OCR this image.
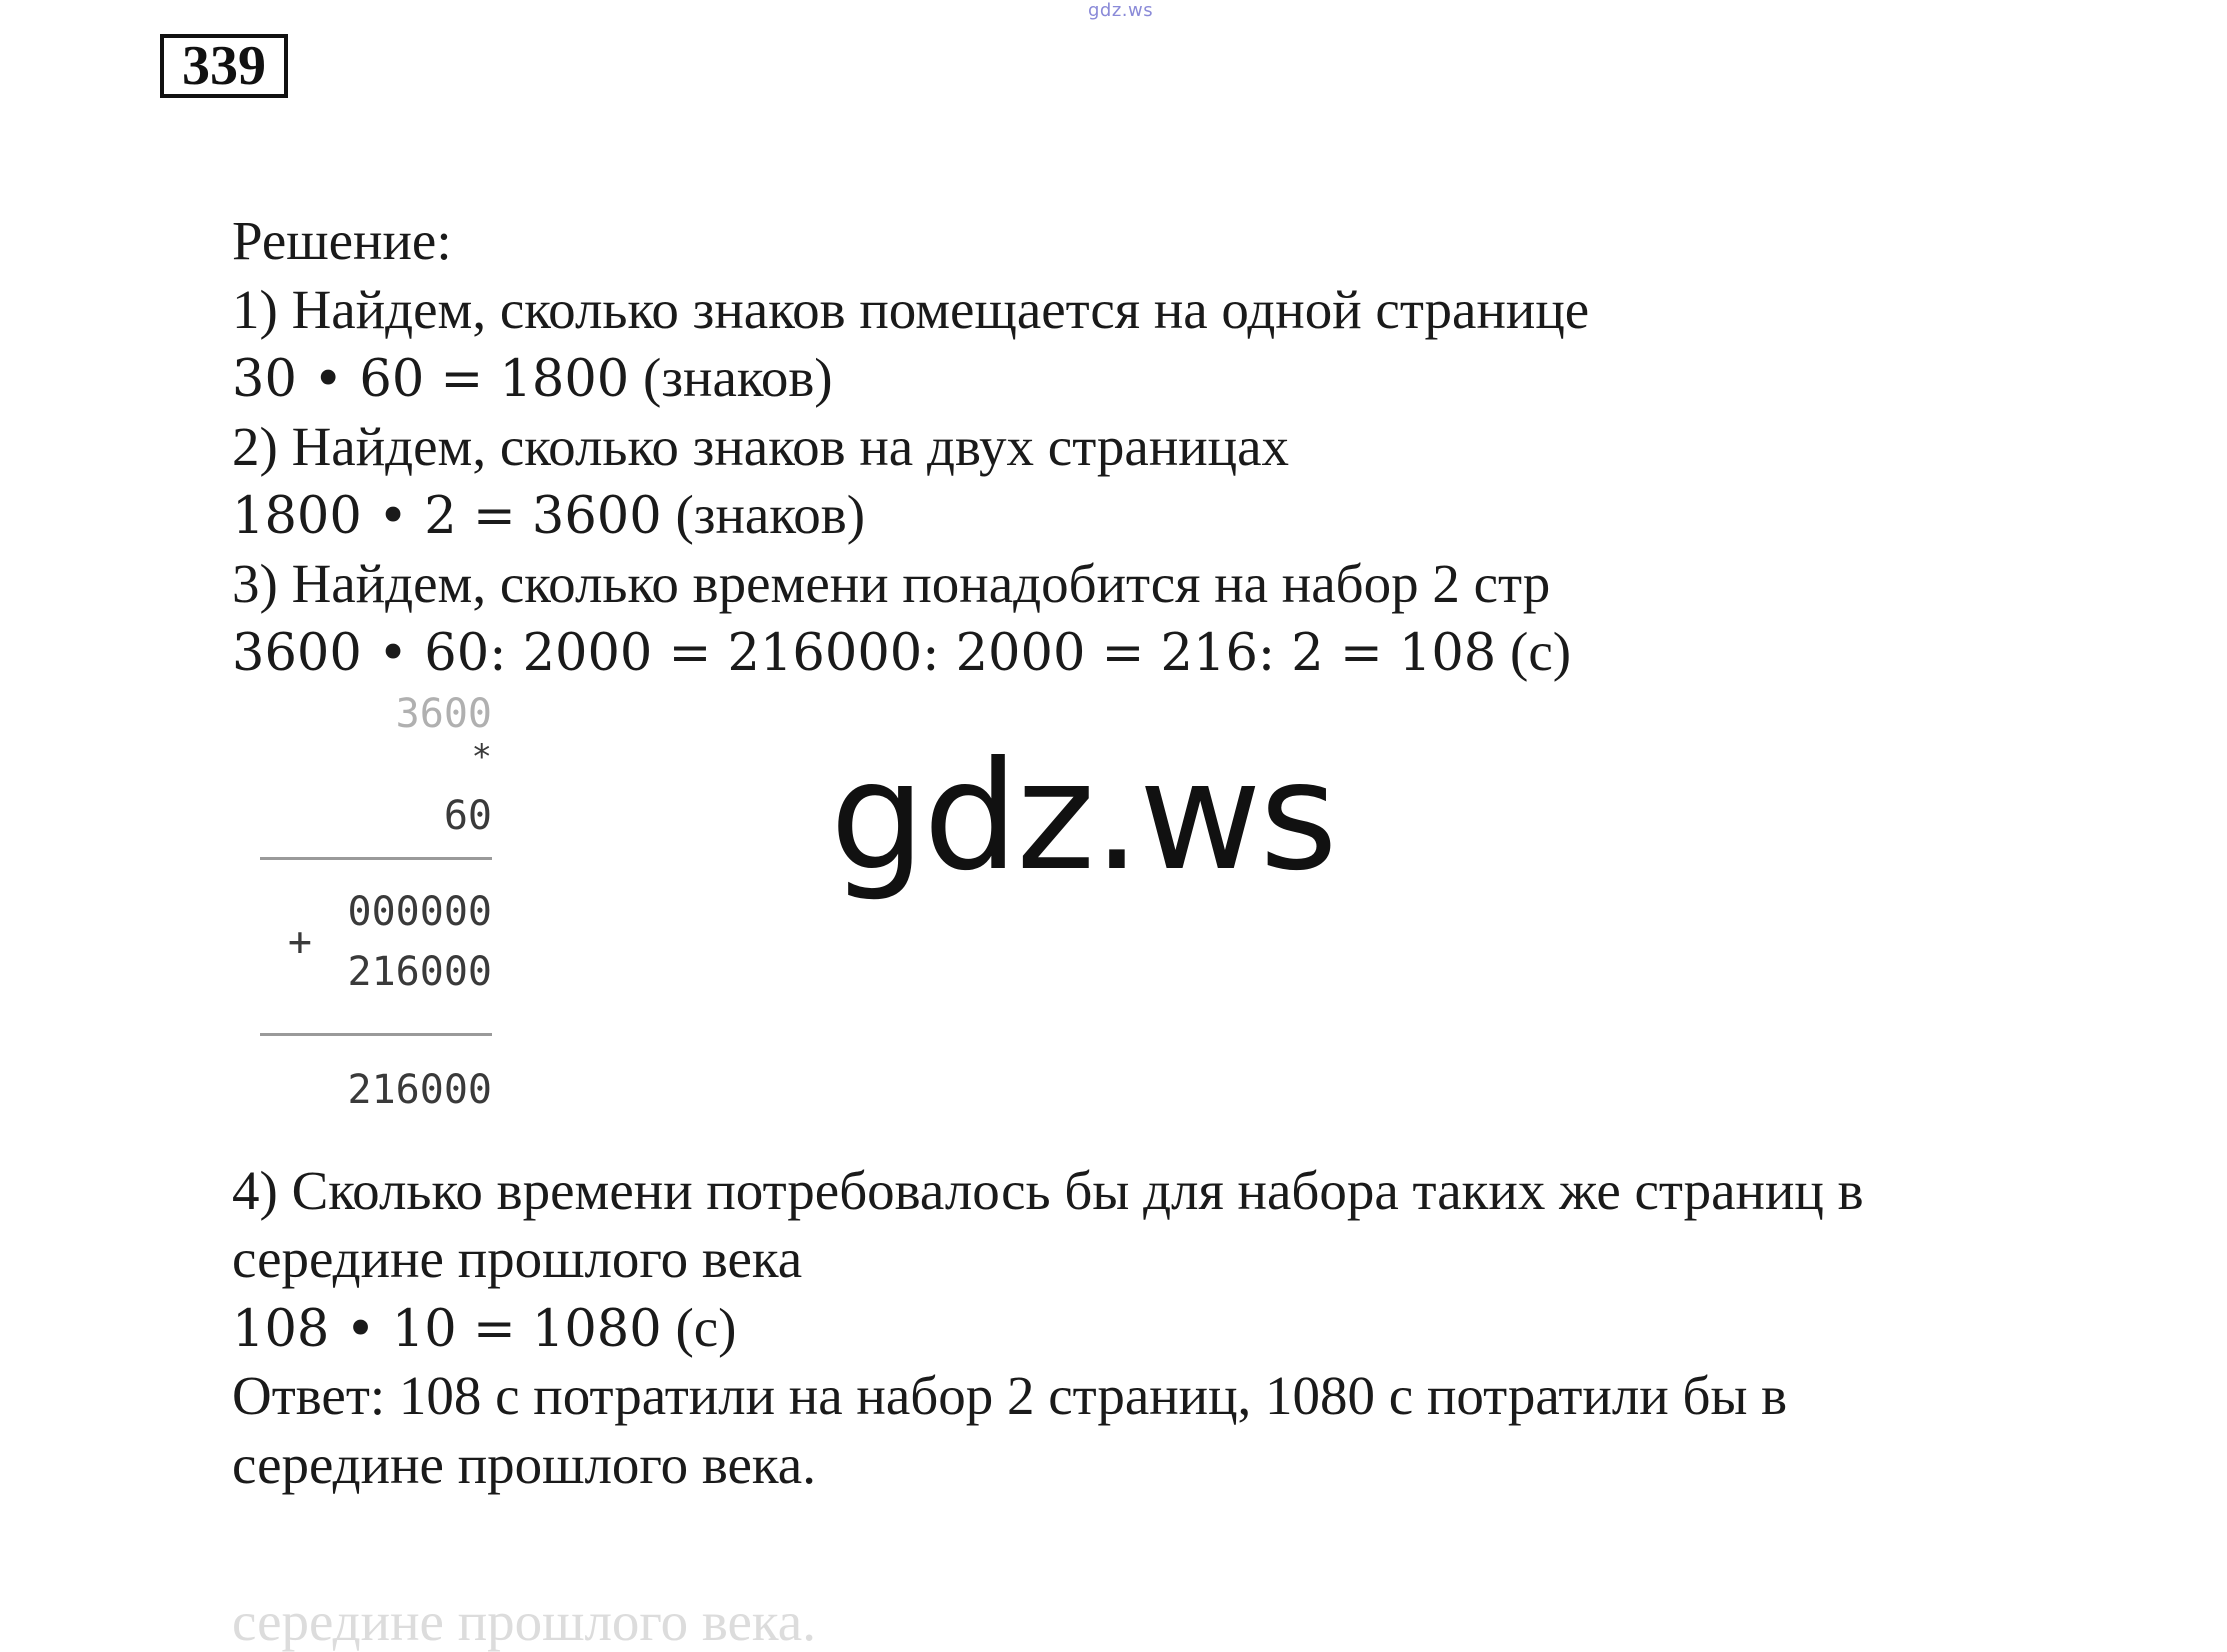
gdz.ws
339
Решение:
1) Найдем, сколько знаков помещается на одной странице
30 • 60 = 1800 (знаков)
2) Найдем, сколько знаков на двух страницах
1800 • 2 = 3600 (знаков)
3) Найдем, сколько времени понадобится на набор 2 стр
3600 • 60: 2000 = 216000: 2000 = 216: 2 = 108 (с)
3600
*
60
000000
+
216000
216000
4) Сколько времени потребовалось бы для набора таких же страниц в
середине прошлого века
108 • 10 = 1080 (с)
Ответ: 108 с потратили на набор 2 страниц, 1080 с потратили бы в
середине прошлого века.
gdz.ws
середине прошлого века.
